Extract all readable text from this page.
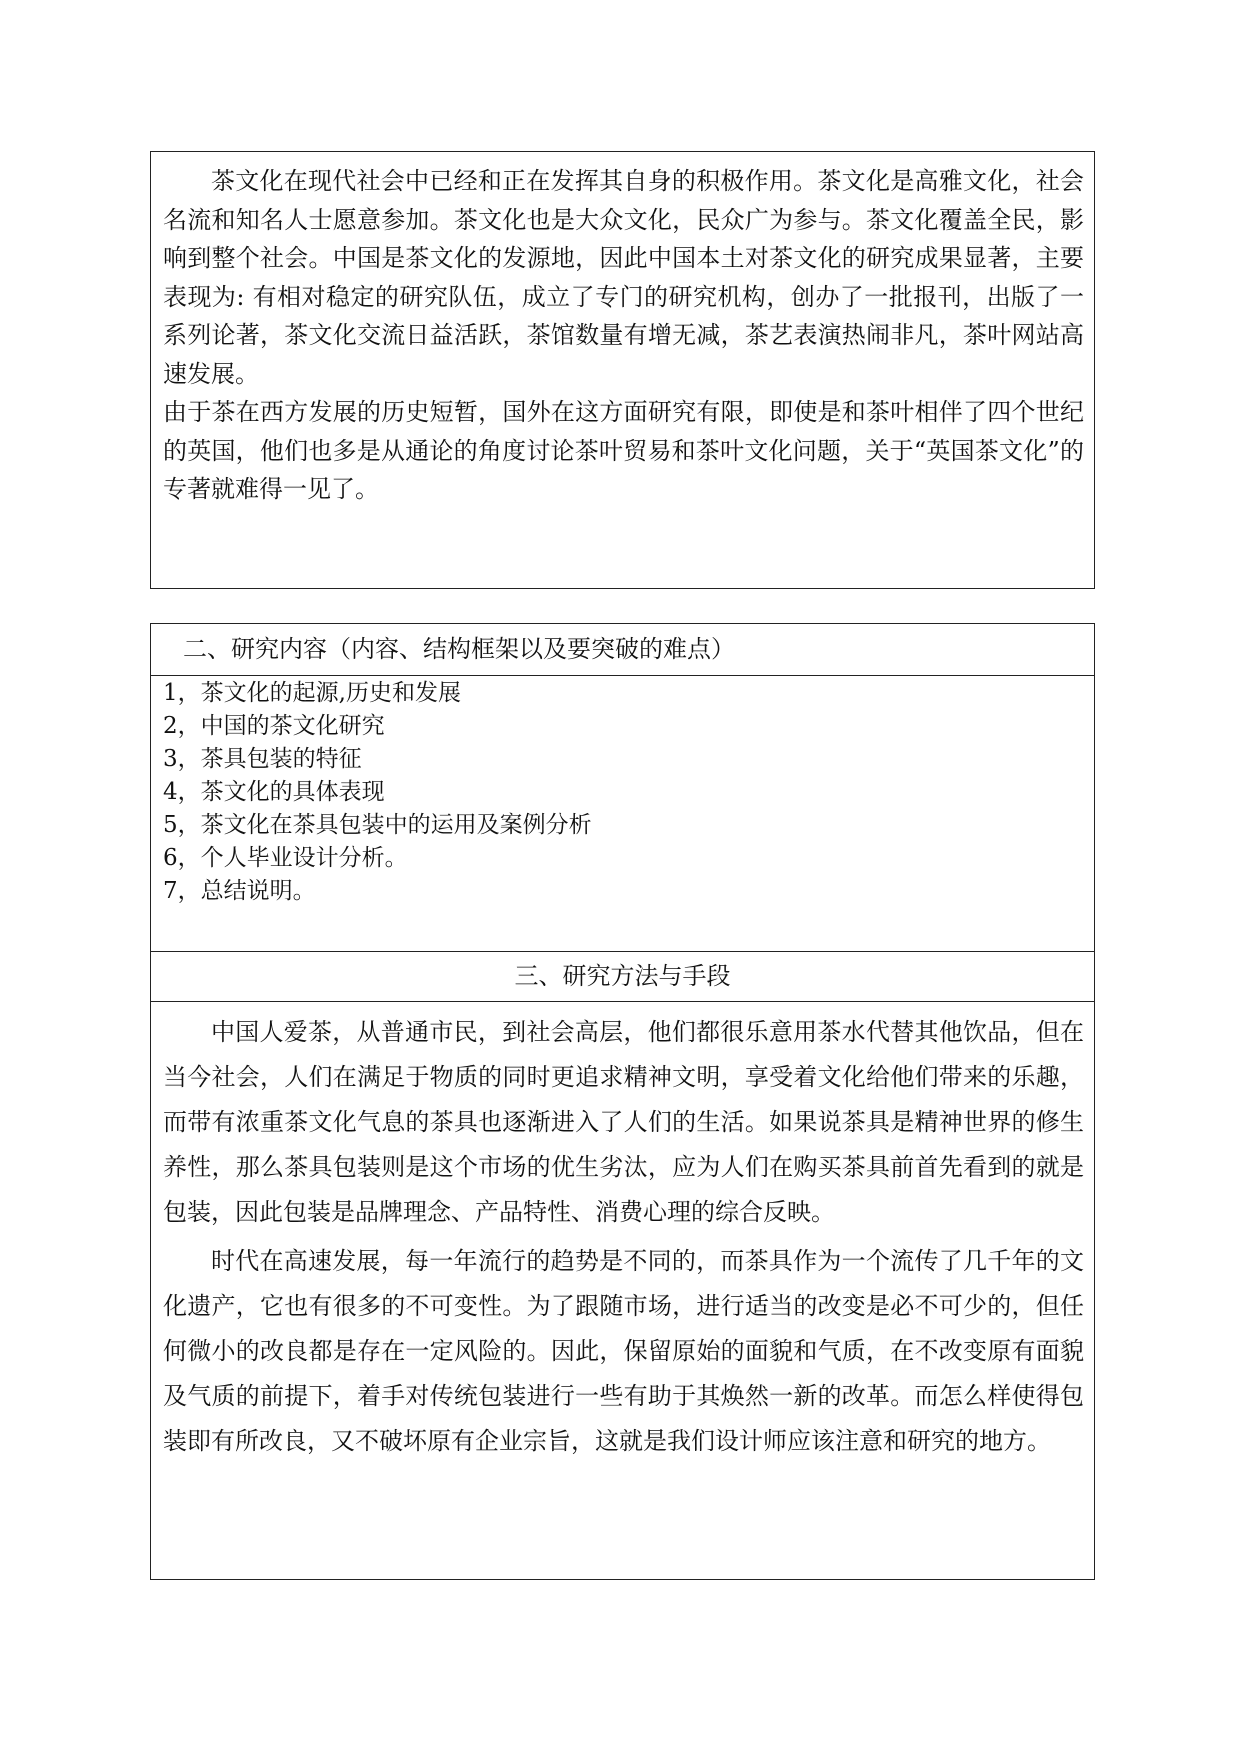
茶文化在现代社会中已经和正在发挥其自身的积极作用。茶文化是高雅文化，社会名流和知名人士愿意参加。茶文化也是大众文化，民众广为参与。茶文化覆盖全民，影响到整个社会。中国是茶文化的发源地，因此中国本土对茶文化的研究成果显著，主要表现为: 有相对稳定的研究队伍，成立了专门的研究机构，创办了一批报刊，出版了一系列论著，茶文化交流日益活跃，茶馆数量有增无减，茶艺表演热闹非凡，茶叶网站高速发展。

由于茶在西方发展的历史短暂，国外在这方面研究有限，即使是和茶叶相伴了四个世纪的英国，他们也多是从通论的角度讨论茶叶贸易和茶叶文化问题，关于“英国茶文化”的专著就难得一见了。

二、研究内容（内容、结构框架以及要突破的难点）
1，茶文化的起源,历史和发展
2，中国的茶文化研究
3，茶具包装的特征
4，茶文化的具体表现
5，茶文化在茶具包装中的运用及案例分析
6，个人毕业设计分析。
7，总结说明。
三、研究方法与手段

中国人爱茶，从普通市民，到社会高层，他们都很乐意用茶水代替其他饮品，但在当今社会，人们在满足于物质的同时更追求精神文明，享受着文化给他们带来的乐趣，而带有浓重茶文化气息的茶具也逐渐进入了人们的生活。如果说茶具是精神世界的修生养性，那么茶具包装则是这个市场的优生劣汰，应为人们在购买茶具前首先看到的就是包装，因此包装是品牌理念、产品特性、消费心理的综合反映。

时代在高速发展，每一年流行的趋势是不同的，而茶具作为一个流传了几千年的文化遗产，它也有很多的不可变性。为了跟随市场，进行适当的改变是必不可少的，但任何微小的改良都是存在一定风险的。因此，保留原始的面貌和气质，在不改变原有面貌及气质的前提下，着手对传统包装进行一些有助于其焕然一新的改革。而怎么样使得包装即有所改良，又不破坏原有企业宗旨，这就是我们设计师应该注意和研究的地方。
